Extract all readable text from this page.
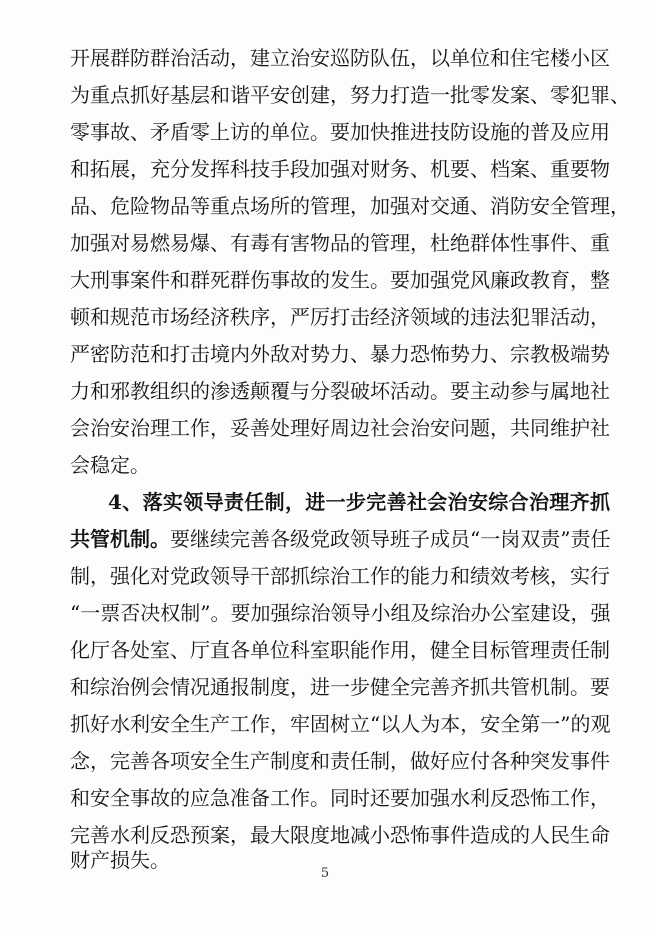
开展群防群治活动，建立治安巡防队伍，以单位和住宅楼小区
为重点抓好基层和谐平安创建，努力打造一批零发案、零犯罪、
零事故、矛盾零上访的单位。要加快推进技防设施的普及应用
和拓展，充分发挥科技手段加强对财务、机要、档案、重要物
品、危险物品等重点场所的管理，加强对交通、消防安全管理，
加强对易燃易爆、有毒有害物品的管理，杜绝群体性事件、重
大刑事案件和群死群伤事故的发生。要加强党风廉政教育，整
顿和规范市场经济秩序，严厉打击经济领域的违法犯罪活动，
严密防范和打击境内外敌对势力、暴力恐怖势力、宗教极端势
力和邪教组织的渗透颠覆与分裂破坏活动。要主动参与属地社
会治安治理工作，妥善处理好周边社会治安问题，共同维护社
会稳定。
4、落实领导责任制，进一步完善社会治安综合治理齐抓
共管机制。要继续完善各级党政领导班子成员“一岗双责”责任
制，强化对党政领导干部抓综治工作的能力和绩效考核，实行
“一票否决权制”。要加强综治领导小组及综治办公室建设，强
化厅各处室、厅直各单位科室职能作用，健全目标管理责任制
和综治例会情况通报制度，进一步健全完善齐抓共管机制。要
抓好水利安全生产工作，牢固树立“以人为本，安全第一”的观
念，完善各项安全生产制度和责任制，做好应付各种突发事件
和安全事故的应急准备工作。同时还要加强水利反恐怖工作，
完善水利反恐预案，最大限度地减小恐怖事件造成的人民生命
财产损失。
5
